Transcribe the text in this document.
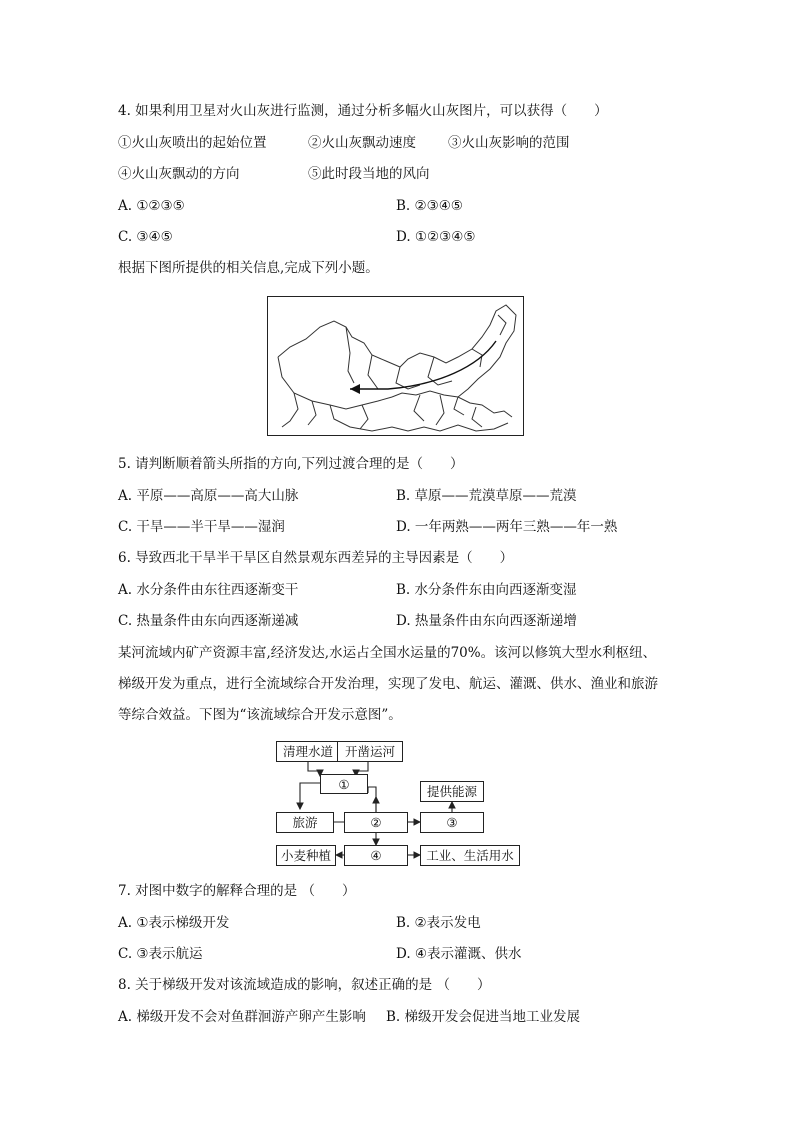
4. 如果利用卫星对火山灰进行监测，通过分析多幅火山灰图片，可以获得（　　）
①火山灰喷出的起始位置	②火山灰飘动速度 ③火山灰影响的范围
④火山灰飘动的方向	⑤此时段当地的风向
A. ①②③⑤	B. ②③④⑤
C. ③④⑤	D. ①②③④⑤
根据下图所提供的相关信息,完成下列小题。
5. 请判断顺着箭头所指的方向,下列过渡合理的是（　　）
A. 平原——高原——高大山脉	B. 草原——荒漠草原——荒漠
C. 干旱——半干旱——湿润	D. 一年两熟——两年三熟——年一熟
6. 导致西北干旱半干旱区自然景观东西差异的主导因素是（　　）
A. 水分条件由东往西逐渐变干	B. 水分条件东由向西逐渐变湿
C. 热量条件由东向西逐渐递减	D. 热量条件由东向西逐渐递增
某河流域内矿产资源丰富,经济发达,水运占全国水运量的70%。该河以修筑大型水利枢纽、
梯级开发为重点，进行全流域综合开发治理，实现了发电、航运、灌溉、供水、渔业和旅游
等综合效益。下图为“该流域综合开发示意图”。
清理水道 开凿运河
①	提供能源
旅游	②	③
小麦种植	④	工业、生活用水
7. 对图中数字的解释合理的是 （　　）
A. ①表示梯级开发	B. ②表示发电
C. ③表示航运	D. ④表示灌溉、供水
8. 关于梯级开发对该流域造成的影响，叙述正确的是 （　　）
A. 梯级开发不会对鱼群洄游产卵产生影响 B. 梯级开发会促进当地工业发展
